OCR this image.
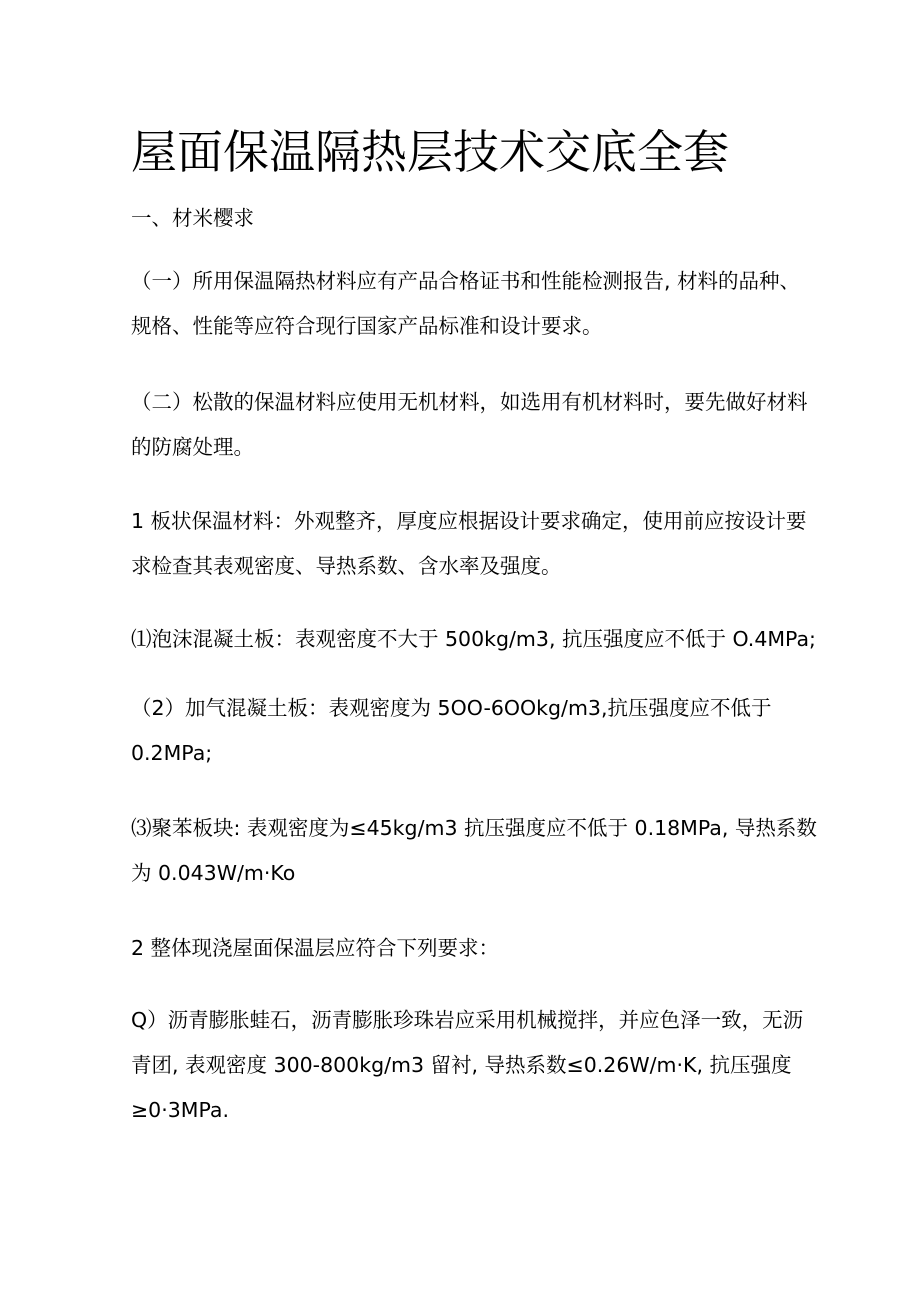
屋面保温隔热层技术交底全套
一、材米樱求
（一）所用保温隔热材料应有产品合格证书和性能检测报告, 材料的品种、
规格、性能等应符合现行国家产品标准和设计要求。
（二）松散的保温材料应使用无机材料，如选用有机材料时，要先做好材料
的防腐处理。
1 板状保温材料：外观整齐，厚度应根据设计要求确定，使用前应按设计要
求检查其表观密度、导热系数、含水率及强度。
⑴泡沫混凝土板：表观密度不大于 500kg∕m3, 抗压强度应不低于 O.4MPa;
（2）加气混凝土板：表观密度为 5OO-6OOkg∕m3,抗压强度应不低于
0.2MPa;
⑶聚苯板块: 表观密度为≤45kg∕m3 抗压强度应不低于 0.18MPa, 导热系数
为 0.043W∕m·Ko
2 整体现浇屋面保温层应符合下列要求：
Q）沥青膨胀蛙石，沥青膨胀珍珠岩应采用机械搅拌，并应色泽一致，无沥
青团, 表观密度 300-800kg∕m3 留衬, 导热系数≤0.26W∕m·K, 抗压强度
≥0·3MPa.
